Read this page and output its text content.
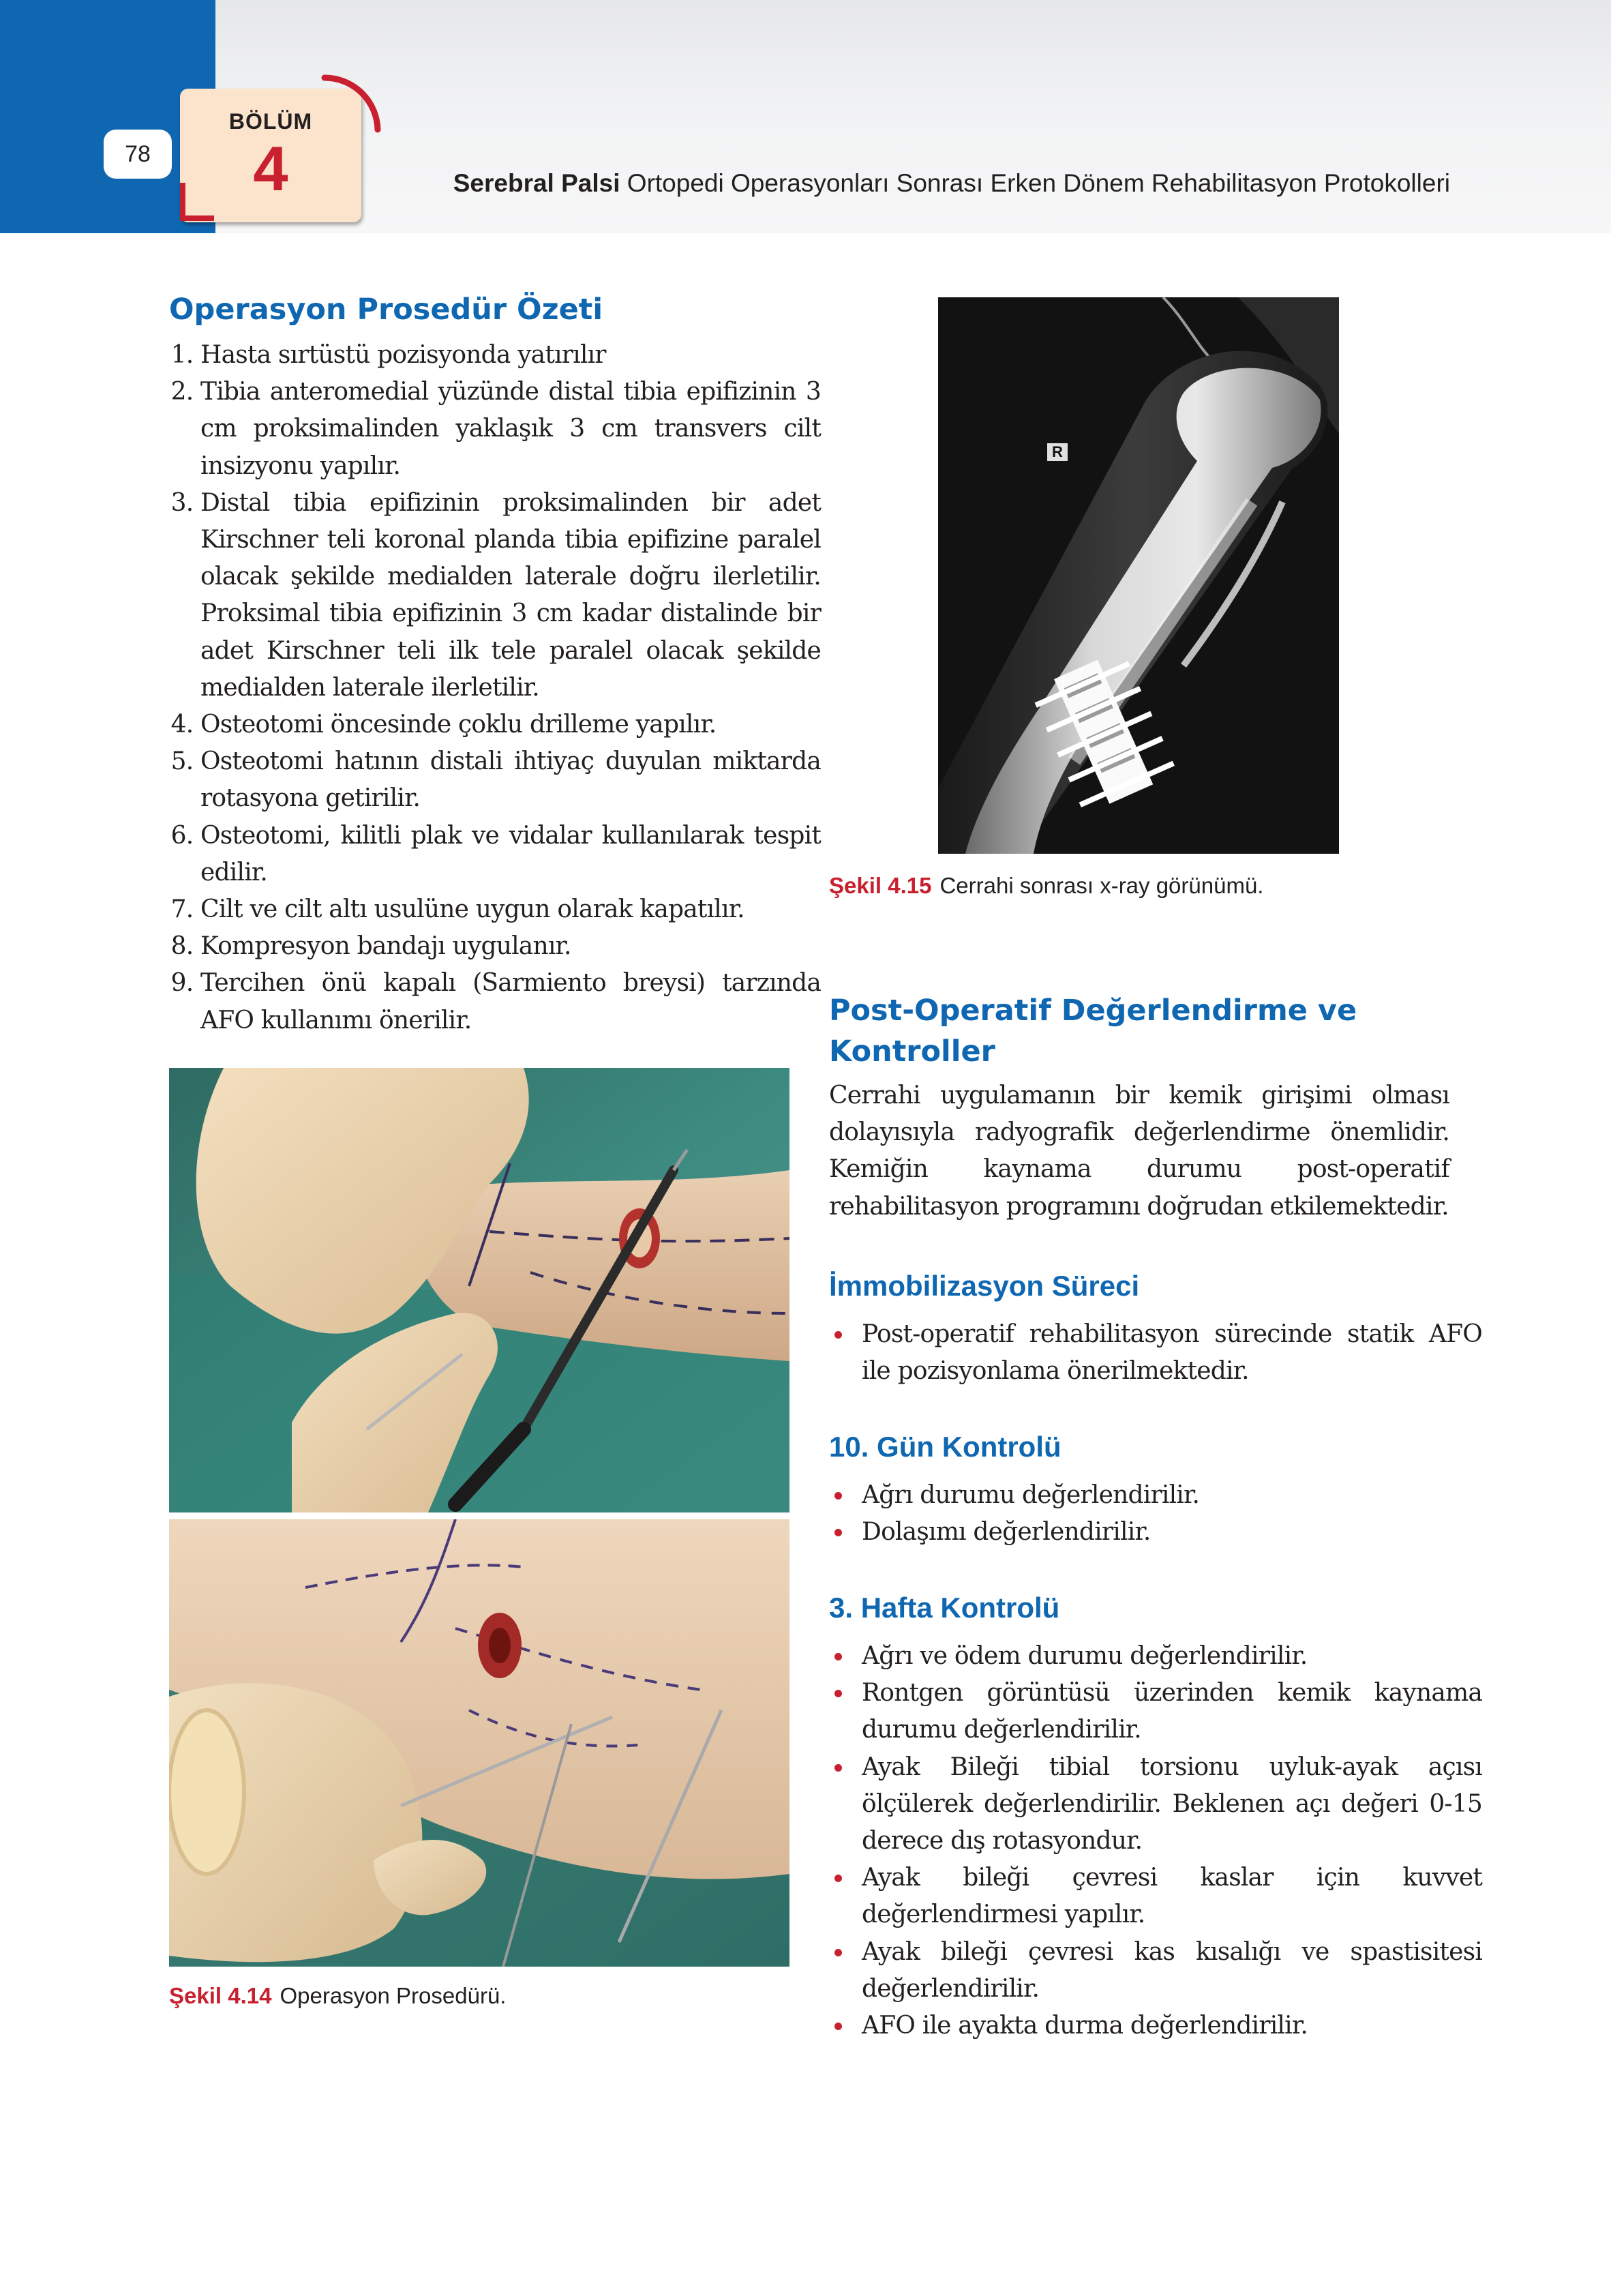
78
BÖLÜM
4	Serebral Palsi Ortopedi Operasyonları Sonrası Erken Dönem Rehabilitasyon Protokolleri
Operasyon Prosedür Özeti
1. Hasta sırtüstü pozisyonda yatırılır
2. Tibia anteromedial yüzünde distal tibia epifizinin 3 cm proksimalinden yaklaşık 3 cm transvers cilt insizyonu yapılır.
3. Distal tibia epifizinin proksimalinden bir adet Kirschner teli koronal planda tibia epifizine paralel olacak şekilde medialden laterale doğru ilerletilir. Proksimal tibia epifizinin 3 cm kadar distalinde bir adet Kirschner teli ilk tele paralel olacak şekilde medialden laterale ilerletilir.
4. Osteotomi öncesinde çoklu drilleme yapılır.
5. Osteotomi hatının distali ihtiyaç duyulan miktarda rotasyona getirilir.
6. Osteotomi, kilitli plak ve vidalar kullanılarak tespit edilir.
7. Cilt ve cilt altı usulüne uygun olarak kapatılır.
8. Kompresyon bandajı uygulanır.
9. Tercihen önü kapalı (Sarmiento breysi) tarzında AFO kullanımı önerilir.

Şekil 4.14 Operasyon Prosedürü.

R

Şekil 4.15 Cerrahi sonrası x-ray görünümü.

Post-Operatif Değerlendirme ve
Kontroller

Cerrahi uygulamanın bir kemik girişimi olması dolayısıyla radyografik değerlendirme önemlidir. Kemiğin kaynama durumu post-operatif rehabilitasyon programını doğrudan etkilemektedir.

İmmobilizasyon Süreci
Post-operatif rehabilitasyon sürecinde statik AFO ile pozisyonlama önerilmektedir.
10. Gün Kontrolü
Ağrı durumu değerlendirilir.
Dolaşımı değerlendirilir.
3. Hafta Kontrolü
Ağrı ve ödem durumu değerlendirilir.
Rontgen görüntüsü üzerinden kemik kaynama durumu değerlendirilir.
Ayak Bileği tibial torsionu uyluk-ayak açısı ölçülerek değerlendirilir. Beklenen açı değeri 0-15 derece dış rotasyondur.
Ayak bileği çevresi kaslar için kuvvet değerlendirmesi yapılır.
Ayak bileği çevresi kas kısalığı ve spastisitesi değerlendirilir.
AFO ile ayakta durma değerlendirilir.
